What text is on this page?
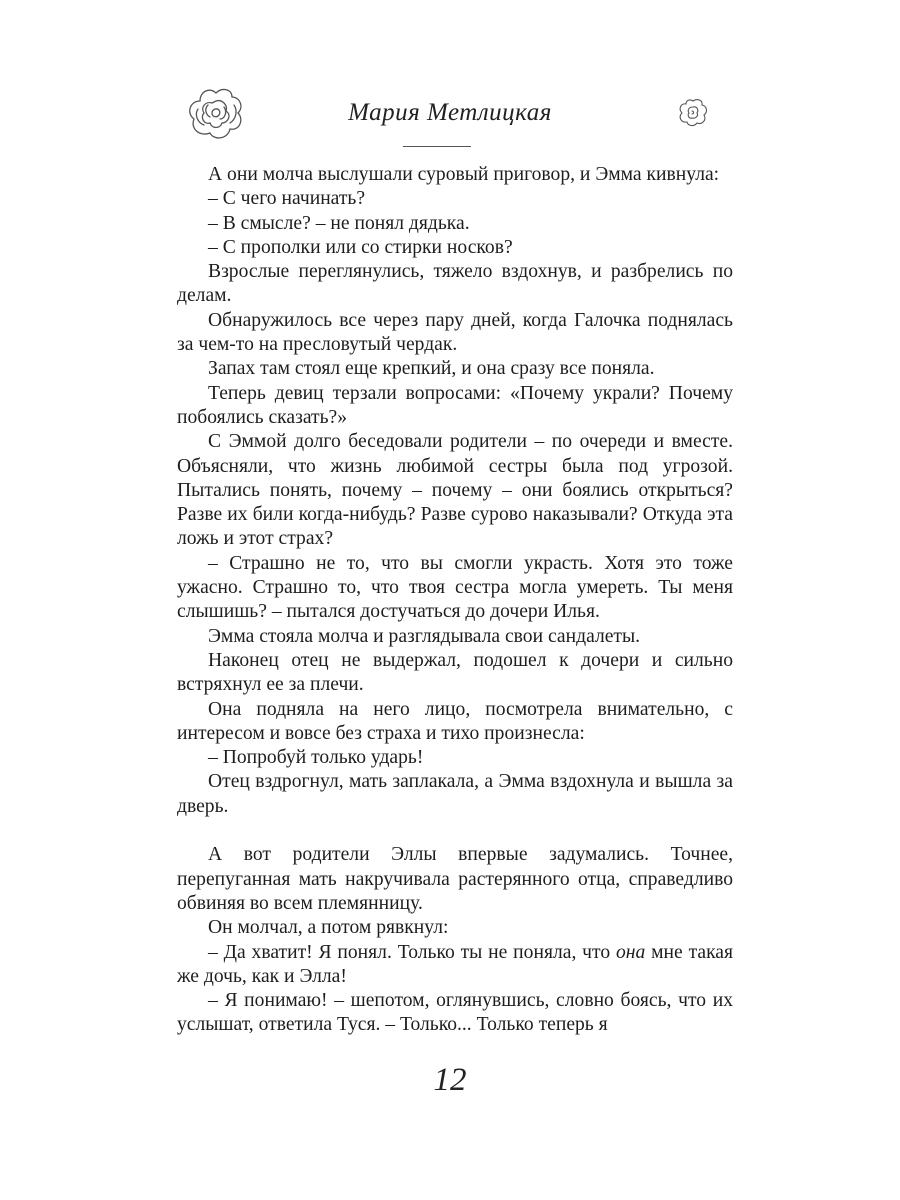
Мария Метлицкая

А они молча выслушали суровый приговор, и Эмма кивнула:

– С чего начинать?

– В смысле? – не понял дядька.

– С прополки или со стирки носков?

Взрослые переглянулись, тяжело вздохнув, и разбрелись по делам.

Обнаружилось все через пару дней, когда Галочка поднялась за чем-то на пресловутый чердак.

Запах там стоял еще крепкий, и она сразу все поняла.

Теперь девиц терзали вопросами: «Почему украли? Почему побоялись сказать?»

С Эммой долго беседовали родители – по очереди и вместе. Объясняли, что жизнь любимой сестры была под угрозой. Пытались понять, почему – почему – они боялись открыться? Разве их били когда-нибудь? Разве сурово наказывали? Откуда эта ложь и этот страх?

– Страшно не то, что вы смогли украсть. Хотя это тоже ужасно. Страшно то, что твоя сестра могла умереть. Ты меня слышишь? – пытался достучаться до дочери Илья.

Эмма стояла молча и разглядывала свои сандалеты.

Наконец отец не выдержал, подошел к дочери и сильно встряхнул ее за плечи.

Она подняла на него лицо, посмотрела внимательно, с интересом и вовсе без страха и тихо произнесла:

– Попробуй только ударь!

Отец вздрогнул, мать заплакала, а Эмма вздохнула и вышла за дверь.

А вот родители Эллы впервые задумались. Точнее, перепуганная мать накручивала растерянного отца, справедливо обвиняя во всем племянницу.

Он молчал, а потом рявкнул:

– Да хватит! Я понял. Только ты не поняла, что она мне такая же дочь, как и Элла!

– Я понимаю! – шепотом, оглянувшись, словно боясь, что их услышат, ответила Туся. – Только... Только теперь я

12
